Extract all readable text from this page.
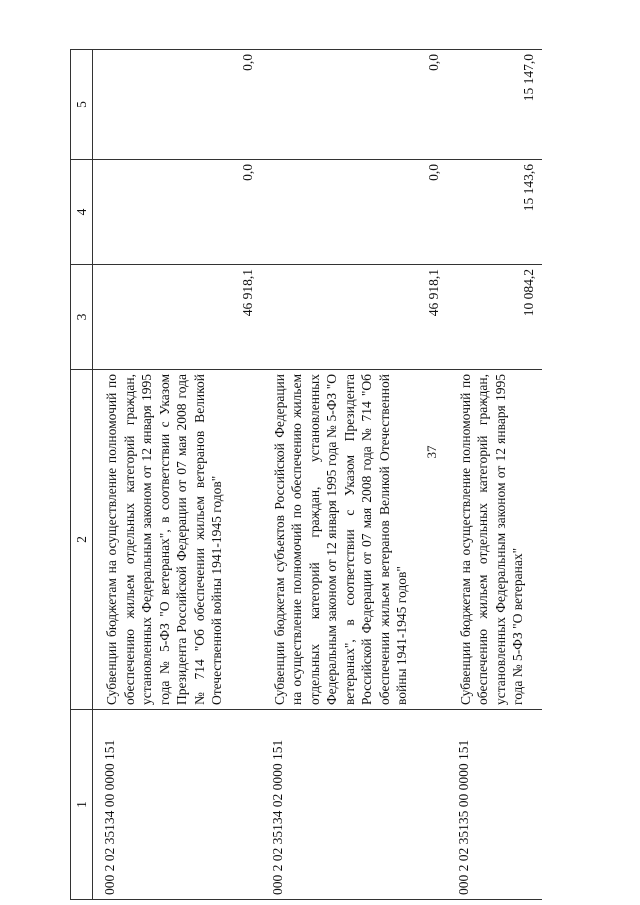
37
1	2	3	4	5
000 2 02 35134 00 0000 151	Субвенции бюджетам на осуществление полномочий по обеспечению жильем отдельных категорий граждан, установленных Федеральным законом от 12 января 1995 года № 5-ФЗ "О ветеранах", в соответствии с Указом Президента Российской Федерации от 07 мая 2008 года № 714 "Об обеспечении жильем ветеранов Великой Отечественной войны 1941-1945 годов"	46 918,1	0,0	0,0
000 2 02 35134 02 0000 151	Субвенции бюджетам субъектов Российской Федерации на осуществление полномочий по обеспечению жильем отдельных категорий граждан, установленных Федеральным законом от 12 января 1995 года № 5-ФЗ "О ветеранах", в соответствии с Указом Президента Российской Федерации от 07 мая 2008 года № 714 "Об обеспечении жильем ветеранов Великой Отечественной войны 1941-1945 годов"	46 918,1	0,0	0,0
000 2 02 35135 00 0000 151	Субвенции бюджетам на осуществление полномочий по обеспечению жильем отдельных категорий граждан, установленных Федеральным законом от 12 января 1995 года № 5-ФЗ "О ветеранах"	10 084,2	15 143,6	15 147,0
